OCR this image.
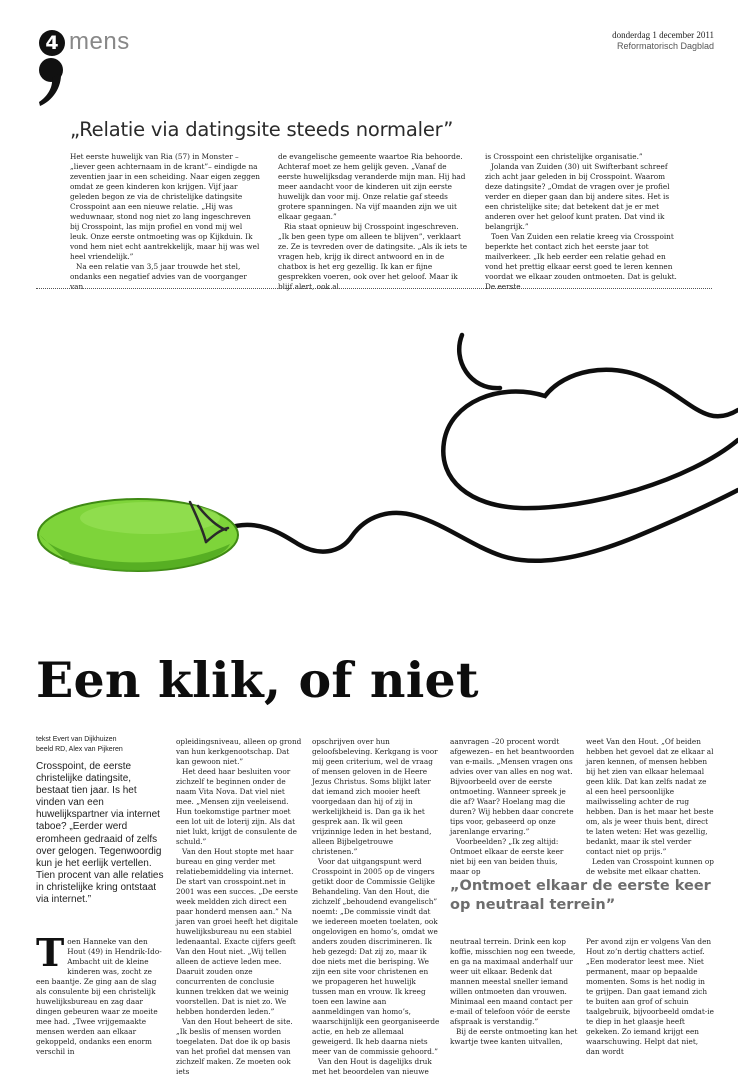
4 mens	donderdag 1 december 2011
Reformatorisch Dagblad
„Relatie via datingsite steeds normaler”

Het eerste huwelijk van Ria (57) in Monster –„liever geen achternaam in de krant”– eindigde na zeventien jaar in een scheiding. Naar eigen zeggen omdat ze geen kinderen kon krijgen. Vijf jaar geleden begon ze via de christelijke datingsite Crosspoint aan een nieuwe relatie. „Hij was weduwnaar, stond nog niet zo lang ingeschreven bij Crosspoint, las mijn profiel en vond mij wel leuk. Onze eerste ontmoeting was op Kijkduin. Ik vond hem niet echt aantrekkelijk, maar hij was wel heel vriendelijk.”

Na een relatie van 3,5 jaar trouwde het stel, ondanks een negatief advies van de voorganger van

de evangelische gemeente waartoe Ria behoorde. Achteraf moet ze hem gelijk geven. „Vanaf de eerste huwelijksdag veranderde mijn man. Hij had meer aandacht voor de kinderen uit zijn eerste huwelijk dan voor mij. Onze relatie gaf steeds grotere spanningen. Na vijf maanden zijn we uit elkaar gegaan.”

Ria staat opnieuw bij Crosspoint ingeschreven. „Ik ben geen type om alleen te blijven”, verklaart ze. Ze is tevreden over de datingsite. „Als ik iets te vragen heb, krijg ik direct antwoord en in de chatbox is het erg gezellig. Ik kan er fijne gesprekken voeren, ook over het geloof. Maar ik blijf alert, ook al

is Crosspoint een christelijke organisatie.”

Jolanda van Zuiden (30) uit Swifterbant schreef zich acht jaar geleden in bij Crosspoint. Waarom deze datingsite? „Omdat de vragen over je profiel verder en dieper gaan dan bij andere sites. Het is een christelijke site; dat betekent dat je er met anderen over het geloof kunt praten. Dat vind ik belangrijk.”

Toen Van Zuiden een relatie kreeg via Crosspoint beperkte het contact zich het eerste jaar tot mailverkeer. „Ik heb eerder een relatie gehad en vond het prettig elkaar eerst goed te leren kennen voordat we elkaar zouden ontmoeten. Dat is gelukt. De eerste

Een klik, of niet
tekst Evert van Dijkhuizen
beeld RD, Alex van Pijkeren

Crosspoint, de eerste christelijke datingsite, bestaat tien jaar. Is het vinden van een huwelijkspartner via internet taboe? „Eerder werd eromheen gedraaid of zelfs over gelogen. Tegenwoordig kun je het eerlijk vertellen. Tien procent van alle relaties in christelijke kring ontstaat via internet.”

T oen Hanneke van den Hout (49) in Hendrik-Ido-Ambacht uit de kleine kinderen was, zocht ze een baantje. Ze ging aan de slag als consulente bij een christelijk huwelijksbureau en zag daar dingen gebeuren waar ze moeite mee had. „Twee vrijgemaakte mensen werden aan elkaar gekoppeld, ondanks een enorm verschil in

opleidingsniveau, alleen op grond van hun kerkgenootschap. Dat kan gewoon niet.”

Het deed haar besluiten voor zichzelf te beginnen onder de naam Vita Nova. Dat viel niet mee. „Mensen zijn veeleisend. Hun toekomstige partner moet een lot uit de loterij zijn. Als dat niet lukt, krijgt de consulente de schuld.”

Van den Hout stopte met haar bureau en ging verder met relatiebemiddeling via internet. De start van crosspoint.net in 2001 was een succes. „De eerste week meldden zich direct een paar honderd mensen aan.” Na jaren van groei heeft het digitale huwelijksbureau nu een stabiel ledenaantal. Exacte cijfers geeft Van den Hout niet. „Wij tellen alleen de actieve leden mee. Daaruit zouden onze concurrenten de conclusie kunnen trekken dat we weinig voorstellen. Dat is niet zo. We hebben honderden leden.”

Van den Hout beheert de site. „Ik beslis of mensen worden toegelaten. Dat doe ik op basis van het profiel dat mensen van zichzelf maken. Ze moeten ook iets

opschrijven over hun geloofsbeleving. Kerkgang is voor mij geen criterium, wel de vraag of mensen geloven in de Heere Jezus Christus. Soms blijkt later dat iemand zich mooier heeft voorgedaan dan hij of zij in werkelijkheid is. Dan ga ik het gesprek aan. Ik wil geen vrijzinnige leden in het bestand, alleen Bijbelgetrouwe christenen.”

Voor dat uitgangspunt werd Crosspoint in 2005 op de vingers getikt door de Commissie Gelijke Behandeling. Van den Hout, die zichzelf „behoudend evangelisch” noemt: „De commissie vindt dat we iedereen moeten toelaten, ook ongelovigen en homo’s, omdat we anders zouden discrimineren. Ik heb gezegd: Dat zij zo, maar ik doe niets met die berisping. We zijn een site voor christenen en we propageren het huwelijk tussen man en vrouw. Ik kreeg toen een lawine aan aanmeldingen van homo’s, waarschijnlijk een georganiseerde actie, en heb ze allemaal geweigerd. Ik heb daarna niets meer van de commissie gehoord.”

Van den Hout is dagelijks druk met het beoordelen van nieuwe

aanvragen –20 procent wordt afgewezen– en het beantwoorden van e-mails. „Mensen vragen ons advies over van alles en nog wat. Bijvoorbeeld over de eerste ontmoeting. Wanneer spreek je die af? Waar? Hoelang mag die duren? Wij hebben daar concrete tips voor, gebaseerd op onze jarenlange ervaring.”

Voorbeelden? „Ik zeg altijd: Ontmoet elkaar de eerste keer niet bij een van beiden thuis, maar op

weet Van den Hout. „Of beiden hebben het gevoel dat ze elkaar al jaren kennen, of mensen hebben bij het zien van elkaar helemaal geen klik. Dat kan zelfs nadat ze al een heel persoonlijke mailwisseling achter de rug hebben. Dan is het maar het beste om, als je weer thuis bent, direct te laten weten: Het was gezellig, bedankt, maar ik stel verder contact niet op prijs.”

Leden van Crosspoint kunnen op de website met elkaar chatten.

„Ontmoet elkaar de eerste keer op neutraal terrein”

neutraal terrein. Drink een kop koffie, misschien nog een tweede, en ga na maximaal anderhalf uur weer uit elkaar. Bedenk dat mannen meestal sneller iemand willen ontmoeten dan vrouwen. Minimaal een maand contact per e-mail of telefoon vóór de eerste afspraak is verstandig.”

Bij de eerste ontmoeting kan het kwartje twee kanten uitvallen,

Per avond zijn er volgens Van den Hout zo’n dertig chatters actief. „Een moderator leest mee. Niet permanent, maar op bepaalde momenten. Soms is het nodig in te grijpen. Dan gaat iemand zich te buiten aan grof of schuin taalgebruik, bijvoorbeeld omdat-ie te diep in het glaasje heeft gekeken. Zo iemand krijgt een waarschuwing. Helpt dat niet, dan wordt
